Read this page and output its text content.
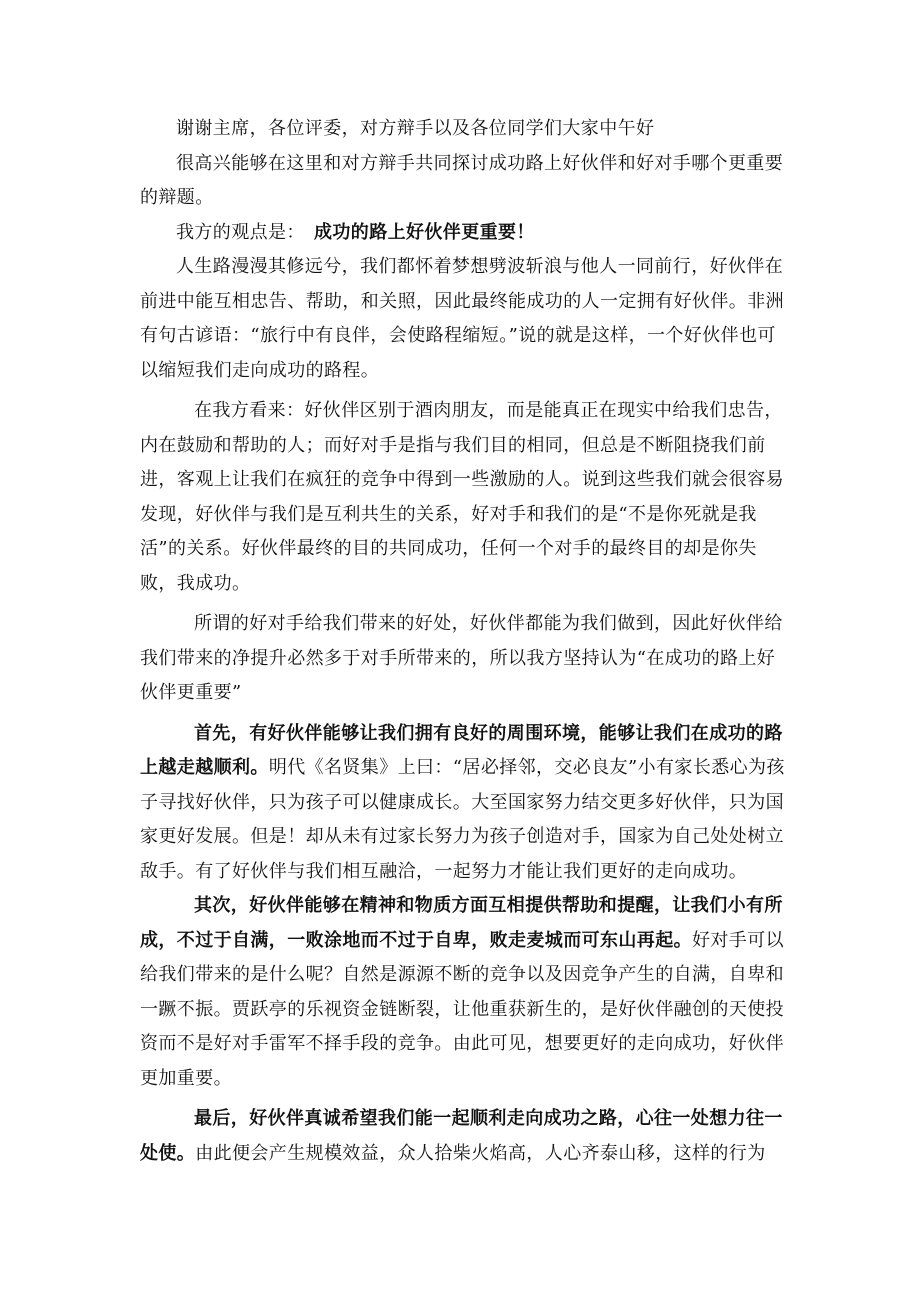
谢谢主席，各位评委，对方辩手以及各位同学们大家中午好

很高兴能够在这里和对方辩手共同探讨成功路上好伙伴和好对手哪个更重要的辩题。

我方的观点是： 成功的路上好伙伴更重要！

人生路漫漫其修远兮，我们都怀着梦想劈波斩浪与他人一同前行，好伙伴在前进中能互相忠告、帮助，和关照，因此最终能成功的人一定拥有好伙伴。非洲有句古谚语：“旅行中有良伴，会使路程缩短。”说的就是这样，一个好伙伴也可以缩短我们走向成功的路程。

在我方看来：好伙伴区别于酒肉朋友，而是能真正在现实中给我们忠告，内在鼓励和帮助的人；而好对手是指与我们目的相同，但总是不断阻挠我们前进，客观上让我们在疯狂的竞争中得到一些激励的人。说到这些我们就会很容易发现，好伙伴与我们是互利共生的关系，好对手和我们的是“不是你死就是我活”的关系。好伙伴最终的目的共同成功，任何一个对手的最终目的却是你失败，我成功。

所谓的好对手给我们带来的好处，好伙伴都能为我们做到，因此好伙伴给我们带来的净提升必然多于对手所带来的，所以我方坚持认为“在成功的路上好伙伴更重要”

首先，有好伙伴能够让我们拥有良好的周围环境，能够让我们在成功的路上越走越顺利。明代《名贤集》上曰：“居必择邻，交必良友”小有家长悉心为孩子寻找好伙伴，只为孩子可以健康成长。大至国家努力结交更多好伙伴，只为国家更好发展。但是！却从未有过家长努力为孩子创造对手，国家为自己处处树立敌手。有了好伙伴与我们相互融洽，一起努力才能让我们更好的走向成功。

其次，好伙伴能够在精神和物质方面互相提供帮助和提醒，让我们小有所成，不过于自满，一败涂地而不过于自卑，败走麦城而可东山再起。好对手可以给我们带来的是什么呢？自然是源源不断的竞争以及因竞争产生的自满，自卑和一蹶不振。贾跃亭的乐视资金链断裂，让他重获新生的，是好伙伴融创的天使投资而不是好对手雷军不择手段的竞争。由此可见，想要更好的走向成功，好伙伴更加重要。

最后，好伙伴真诚希望我们能一起顺利走向成功之路，心往一处想力往一处使。由此便会产生规模效益，众人拾柴火焰高，人心齐泰山移，这样的行为
